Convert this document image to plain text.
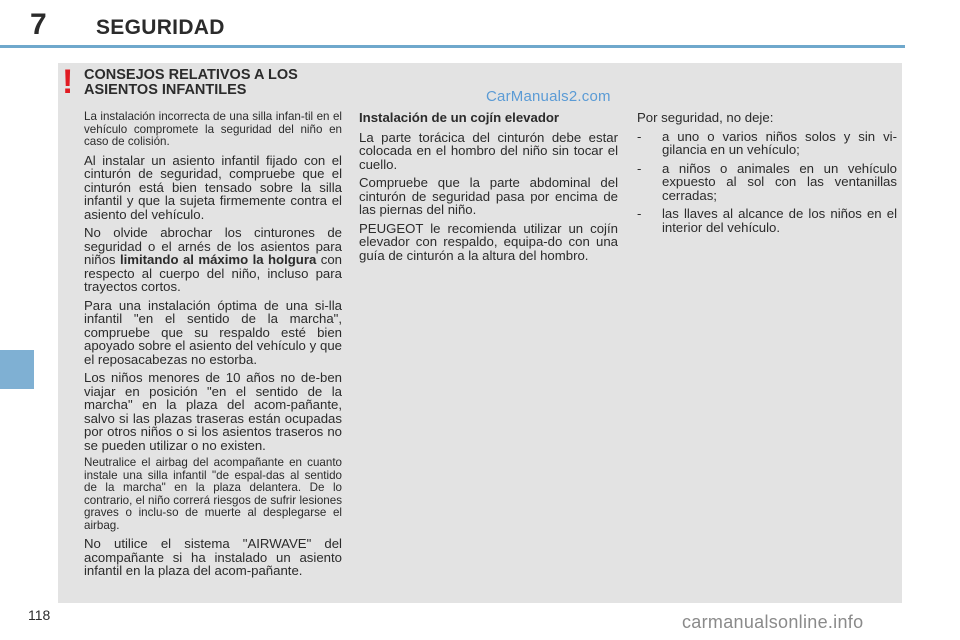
7 SEGURIDAD
! CONSEJOS RELATIVOS A LOS ASIENTOS INFANTILES	CarManuals2.com

La instalación incorrecta de una silla infan-til en el vehículo compromete la seguridad del niño en caso de colisión.

Al instalar un asiento infantil fijado con el cinturón de seguridad, compruebe que el cinturón está bien tensado sobre la silla infantil y que la sujeta firmemente contra el asiento del vehículo.

No olvide abrochar los cinturones de seguridad o el arnés de los asientos para niños limitando al máximo la holgura con respecto al cuerpo del niño, incluso para trayectos cortos.

Para una instalación óptima de una si-lla infantil "en el sentido de la marcha", compruebe que su respaldo esté bien apoyado sobre el asiento del vehículo y que el reposacabezas no estorba.

Los niños menores de 10 años no de-ben viajar en posición "en el sentido de la marcha" en la plaza del acom-pañante, salvo si las plazas traseras están ocupadas por otros niños o si los asientos traseros no se pueden utilizar o no existen.

Neutralice el airbag del acompañante en cuanto instale una silla infantil "de espal-das al sentido de la marcha" en la plaza delantera. De lo contrario, el niño correrá riesgos de sufrir lesiones graves o inclu-so de muerte al desplegarse el airbag.

No utilice el sistema "AIRWAVE" del acompañante si ha instalado un asiento infantil en la plaza del acom-pañante.

Instalación de un cojín elevador

La parte torácica del cinturón debe estar colocada en el hombro del niño sin tocar el cuello.

Compruebe que la parte abdominal del cinturón de seguridad pasa por encima de las piernas del niño.

PEUGEOT le recomienda utilizar un cojín elevador con respaldo, equipa-do con una guía de cinturón a la altura del hombro.

Por seguridad, no deje:

-	a uno o varios niños solos y sin vi-gilancia en un vehículo;
-	a niños o animales en un vehículo expuesto al sol con las ventanillas cerradas;
-	las llaves al alcance de los niños en el interior del vehículo.
118	carmanualsonline.info
